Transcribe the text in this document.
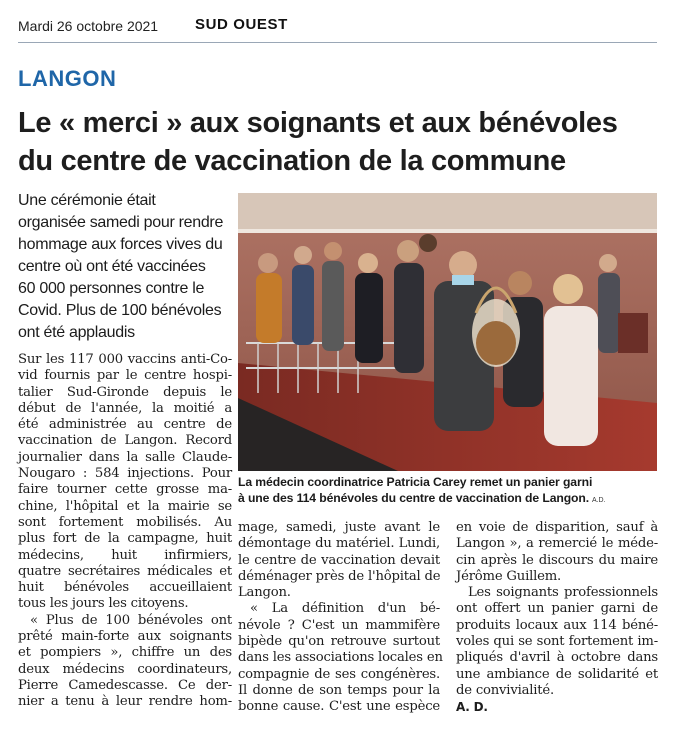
Mardi 26 octobre 2021 SUD OUEST
LANGON
Le « merci » aux soignants et aux bénévoles
du centre de vaccination de la commune
Une cérémonie était
organisée samedi pour rendre
hommage aux forces vives du
centre où ont été vaccinées
60 000 personnes contre le
Covid. Plus de 100 bénévoles
ont été applaudis
La médecin coordinatrice Patricia Carey remet un panier garni
à une des 114 bénévoles du centre de vaccination de Langon. A.D.
Sur les 117 000 vaccins anti-Co-
vid fournis par le centre hospi-
talier Sud-Gironde depuis le
début de l'année, la moitié a
été administrée au centre de
vaccination de Langon. Record
journalier dans la salle Claude-
Nougaro : 584 injections. Pour
faire tourner cette grosse ma-
chine, l'hôpital et la mairie se
sont fortement mobilisés. Au
plus fort de la campagne, huit
médecins, huit infirmiers,
quatre secrétaires médicales et
huit bénévoles accueillaient
tous les jours les citoyens.
« Plus de 100 bénévoles ont
prêté main-forte aux soignants
et pompiers », chiffre un des
deux médecins coordinateurs,
Pierre Camedescasse. Ce der-
nier a tenu à leur rendre hom-
mage, samedi, juste avant le
démontage du matériel. Lundi,
le centre de vaccination devait
déménager près de l'hôpital de
Langon.
« La définition d'un bé-
névole ? C'est un mammifère
bipède qu'on retrouve surtout
dans les associations locales en
compagnie de ses congénères.
Il donne de son temps pour la
bonne cause. C'est une espèce
en voie de disparition, sauf à
Langon », a remercié le méde-
cin après le discours du maire
Jérôme Guillem.
Les soignants professionnels
ont offert un panier garni de
produits locaux aux 114 béné-
voles qui se sont fortement im-
pliqués d'avril à octobre dans
une ambiance de solidarité et
de convivialité.
A. D.
